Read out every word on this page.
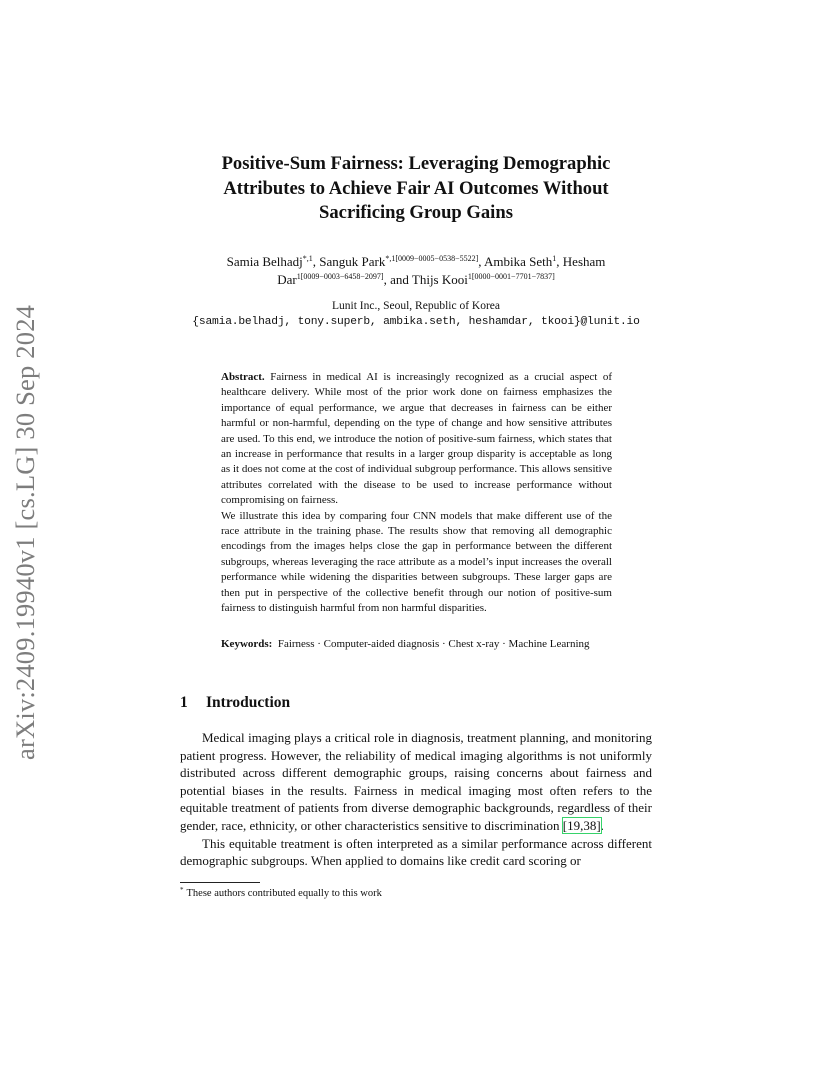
arXiv:2409.19940v1 [cs.LG] 30 Sep 2024
Positive-Sum Fairness: Leveraging Demographic
Attributes to Achieve Fair AI Outcomes Without
Sacrificing Group Gains
Samia Belhadj$^{*,1}$, Sanguk Park$^{*,1[0009-0005-0538-5522]}$, Ambika Seth$^1$, Hesham Dar$^{1[0009-0003-6458-2097]}$, and Thijs Kooi$^{1[0000-0001-7701-7837]}$
Lunit Inc., Seoul, Republic of Korea
{samia.belhadj, tony.superb, ambika.seth, heshamdar, tkooi}@lunit.io

Abstract. Fairness in medical AI is increasingly recognized as a crucial aspect of healthcare delivery. While most of the prior work done on fairness emphasizes the importance of equal performance, we argue that decreases in fairness can be either harmful or non-harmful, depending on the type of change and how sensitive attributes are used. To this end, we introduce the notion of positive-sum fairness, which states that an increase in performance that results in a larger group disparity is acceptable as long as it does not come at the cost of individual subgroup performance. This allows sensitive attributes correlated with the disease to be used to increase performance without compromising on fairness.

We illustrate this idea by comparing four CNN models that make different use of the race attribute in the training phase. The results show that removing all demographic encodings from the images helps close the gap in performance between the different subgroups, whereas leveraging the race attribute as a model’s input increases the overall performance while widening the disparities between subgroups. These larger gaps are then put in perspective of the collective benefit through our notion of positive-sum fairness to distinguish harmful from non harmful disparities.

Keywords: Fairness · Computer-aided diagnosis · Chest x-ray · Machine Learning
1 Introduction

Medical imaging plays a critical role in diagnosis, treatment planning, and monitoring patient progress. However, the reliability of medical imaging algorithms is not uniformly distributed across different demographic groups, raising concerns about fairness and potential biases in the results. Fairness in medical imaging most often refers to the equitable treatment of patients from diverse demographic backgrounds, regardless of their gender, race, ethnicity, or other characteristics sensitive to discrimination [19,38].

This equitable treatment is often interpreted as a similar performance across different demographic subgroups. When applied to domains like credit card scoring or

* These authors contributed equally to this work
